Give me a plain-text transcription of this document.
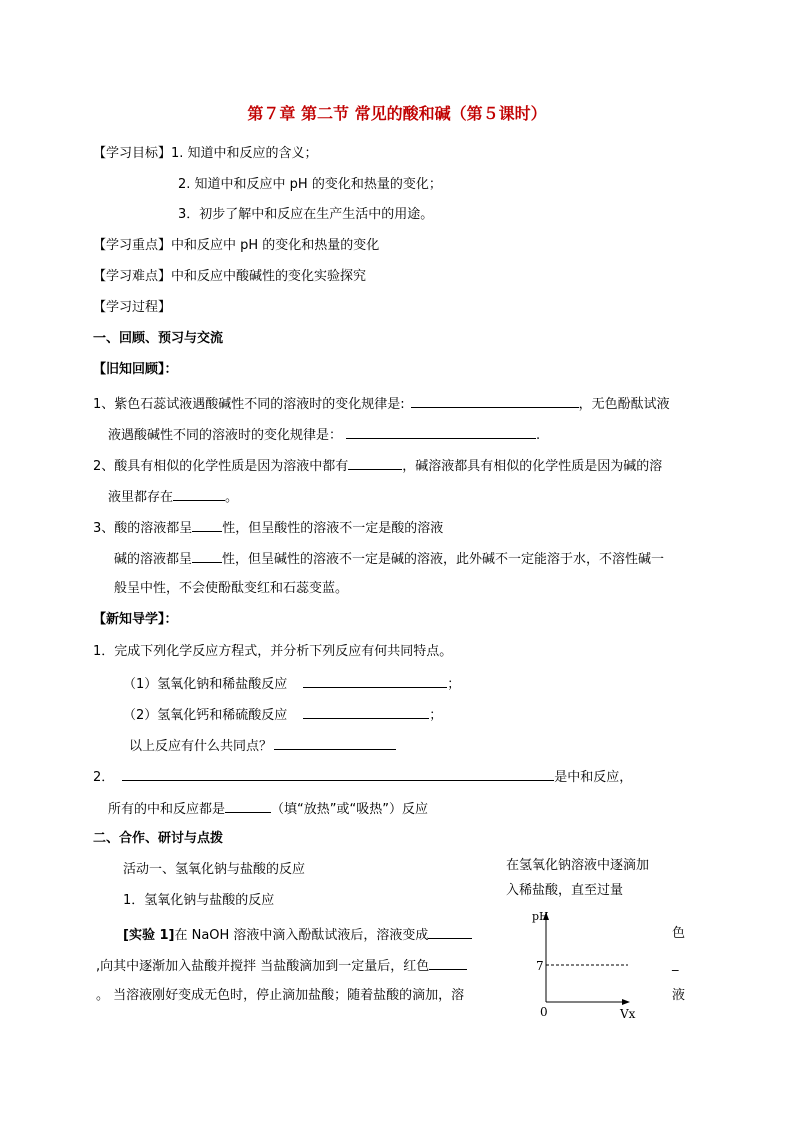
第７章 第二节 常见的酸和碱（第５课时）
【学习目标】1. 知道中和反应的含义；
2. 知道中和反应中 pH 的变化和热量的变化；
3．初步了解中和反应在生产生活中的用途。
【学习重点】中和反应中 pH 的变化和热量的变化
【学习难点】中和反应中酸碱性的变化实验探究
【学习过程】
一、回顾、预习与交流
【旧知回顾】：
1、紫色石蕊试液遇酸碱性不同的溶液时的变化规律是:	，无色酚酞试液
液遇酸碱性不同的溶液时的变化规律是：	.
2、酸具有相似的化学性质是因为溶液中都有	，碱溶液都具有相似的化学性质是因为碱的溶
液里都存在	。
3、酸的溶液都呈 性，但呈酸性的溶液不一定是酸的溶液
碱的溶液都呈 性，但呈碱性的溶液不一定是碱的溶液，此外碱不一定能溶于水，不溶性碱一
般呈中性，不会使酚酞变红和石蕊变蓝。
【新知导学】：
1．完成下列化学反应方程式，并分析下列反应有何共同特点。
（1）氢氧化钠和稀盐酸反应	；
（2）氢氧化钙和稀硫酸反应	；
以上反应有什么共同点？
2．	是中和反应，
所有的中和反应都是	（填“放热”或“吸热”）反应
二、合作、研讨与点拨
活动一、氢氧化钠与盐酸的反应
1．氢氧化钠与盐酸的反应
[实验 1]在 NaOH 溶液中滴入酚酞试液后，溶液变成
,向其中逐渐加入盐酸并搅拌 当盐酸滴加到一定量后，红色
。 当溶液刚好变成无色时，停止滴加盐酸；随着盐酸的滴加，溶
色
_
液
在氢氧化钠溶液中逐滴加
入稀盐酸，直至过量
pH
7
0	Vx
